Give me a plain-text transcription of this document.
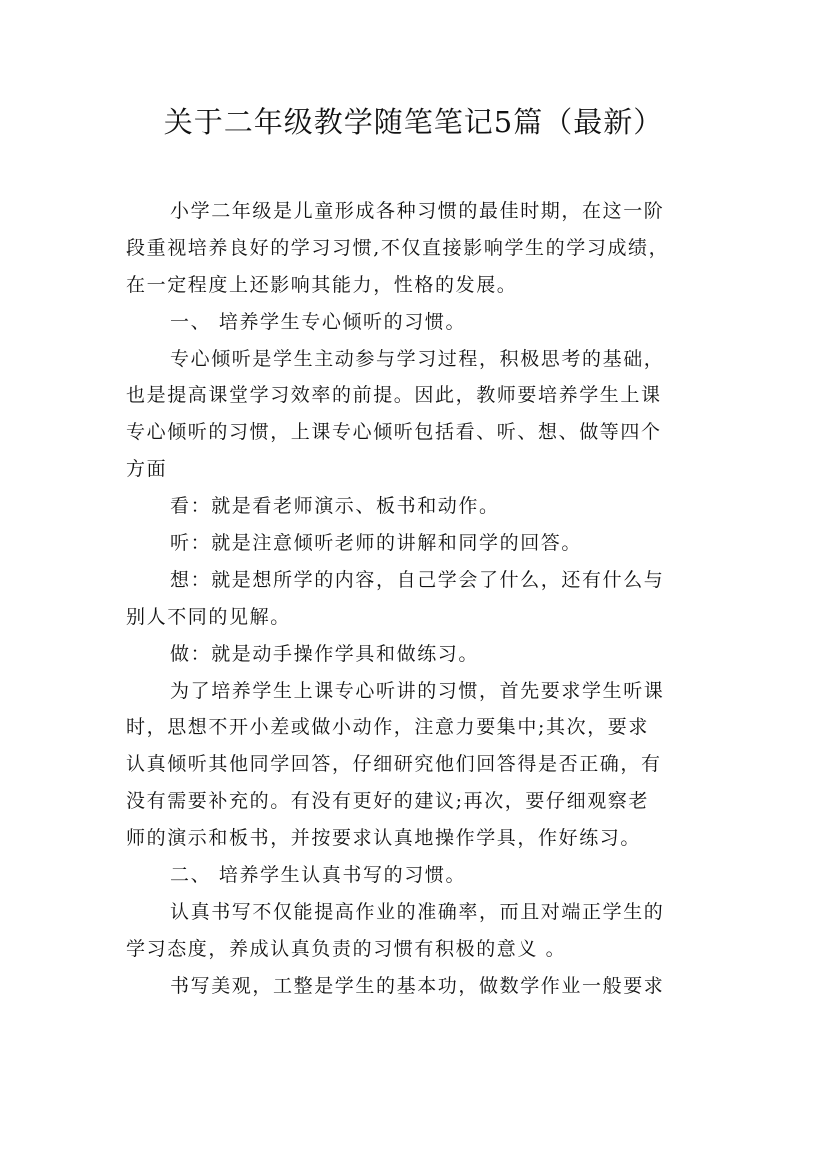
关于二年级教学随笔笔记5篇（最新）
小学二年级是儿童形成各种习惯的最佳时期，在这一阶
段重视培养良好的学习习惯,不仅直接影响学生的学习成绩，
在一定程度上还影响其能力，性格的发展。
一、 培养学生专心倾听的习惯。
专心倾听是学生主动参与学习过程，积极思考的基础，
也是提高课堂学习效率的前提。因此，教师要培养学生上课
专心倾听的习惯，上课专心倾听包括看、听、想、做等四个
方面
看：就是看老师演示、板书和动作。
听：就是注意倾听老师的讲解和同学的回答。
想：就是想所学的内容，自己学会了什么，还有什么与
别人不同的见解。
做：就是动手操作学具和做练习。
为了培养学生上课专心听讲的习惯，首先要求学生听课
时，思想不开小差或做小动作，注意力要集中;其次，要求
认真倾听其他同学回答，仔细研究他们回答得是否正确，有
没有需要补充的。有没有更好的建议;再次，要仔细观察老
师的演示和板书，并按要求认真地操作学具，作好练习。
二、 培养学生认真书写的习惯。
认真书写不仅能提高作业的准确率，而且对端正学生的
学习态度，养成认真负责的习惯有积极的意义 。
书写美观，工整是学生的基本功，做数学作业一般要求
